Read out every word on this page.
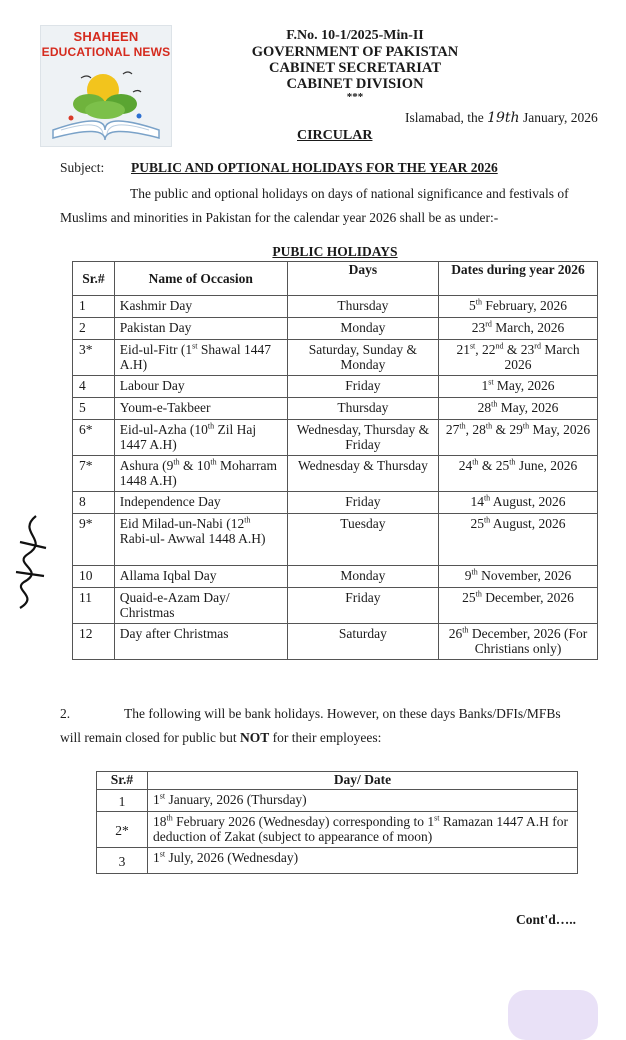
SHAHEEN
EDUCATIONAL NEWS
F.No. 10-1/2025-Min-II
GOVERNMENT OF PAKISTAN
CABINET SECRETARIAT
CABINET DIVISION
***
Islamabad, the 19th January, 2026
CIRCULAR
Subject: PUBLIC AND OPTIONAL HOLIDAYS FOR THE YEAR 2026
The public and optional holidays on days of national significance and festivals of
Muslims and minorities in Pakistan for the calendar year 2026 shall be as under:-
PUBLIC HOLIDAYS
Sr.#	Name of Occasion	Days	Dates during year 2026
1	Kashmir Day	Thursday	5th February, 2026
2	Pakistan Day	Monday	23rd March, 2026
3*	Eid-ul-Fitr (1st Shawal 1447 A.H)	Saturday, Sunday & Monday	21st, 22nd & 23rd March 2026
4	Labour Day	Friday	1st May, 2026
5	Youm-e-Takbeer	Thursday	28th May, 2026
6*	Eid-ul-Azha (10th Zil Haj 1447 A.H)	Wednesday, Thursday & Friday	27th, 28th & 29th May, 2026
7*	Ashura (9th & 10th Moharram 1448 A.H)	Wednesday & Thursday	24th & 25th June, 2026
8	Independence Day	Friday	14th August, 2026
9*	Eid Milad-un-Nabi (12th Rabi-ul- Awwal 1448 A.H)	Tuesday	25th August, 2026
10	Allama Iqbal Day	Monday	9th November, 2026
11	Quaid-e-Azam Day/ Christmas	Friday	25th December, 2026
12	Day after Christmas	Saturday	26th December, 2026 (For Christians only)
2.	The following will be bank holidays. However, on these days Banks/DFIs/MFBs
will remain closed for public but NOT for their employees:
Sr.#	Day/ Date
1	1st January, 2026 (Thursday)
2*	18th February 2026 (Wednesday) corresponding to 1st Ramazan 1447 A.H for deduction of Zakat (subject to appearance of moon)
3	1st July, 2026 (Wednesday)
Cont'd…..
